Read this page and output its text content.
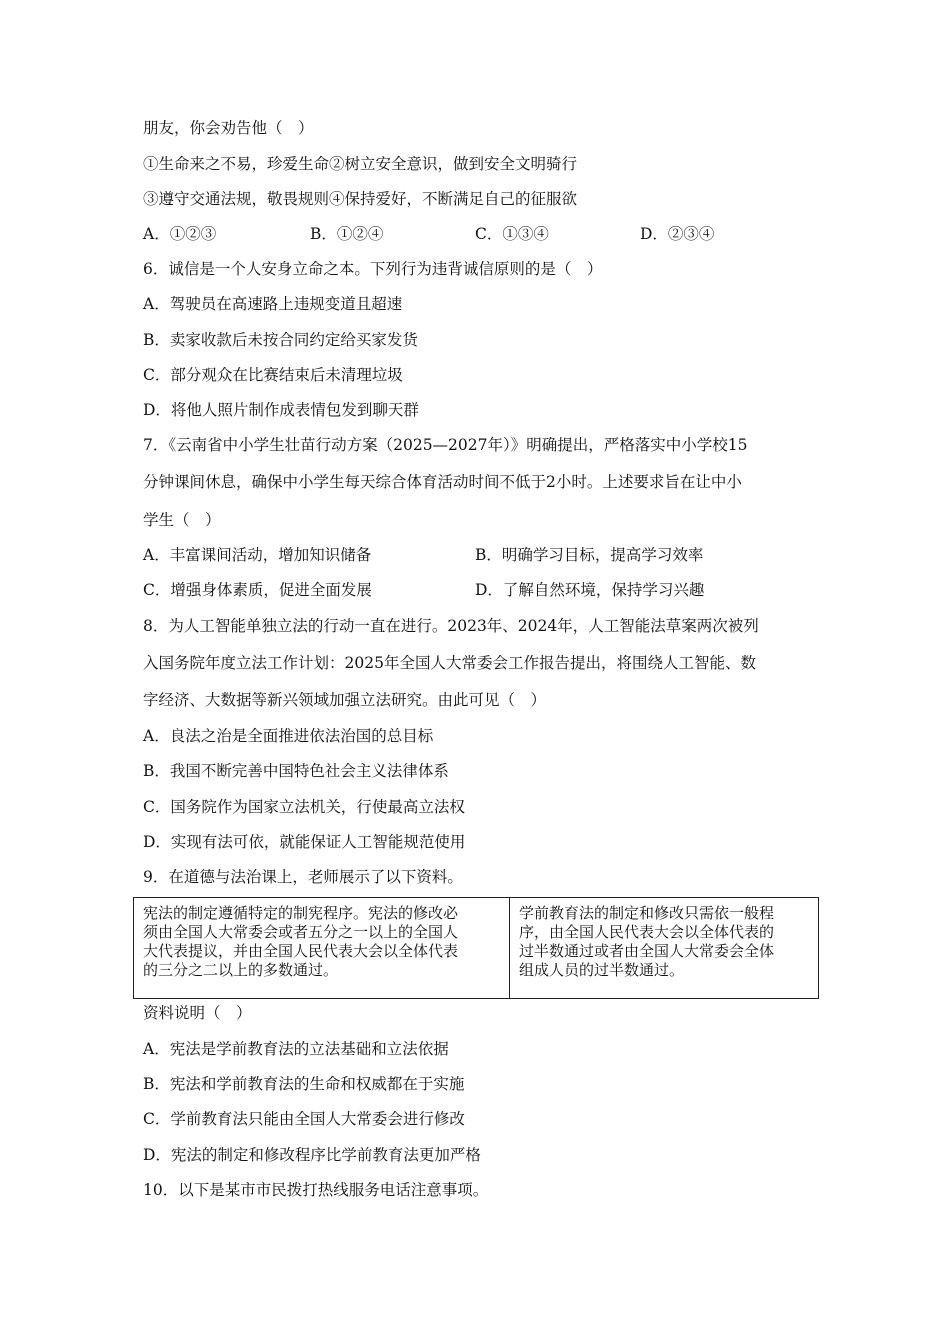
朋友，你会劝告他（　）
①生命来之不易，珍爱生命②树立安全意识，做到安全文明骑行
③遵守交通法规，敬畏规则④保持爱好，不断满足自己的征服欲
A．①②③	B．①②④	C．①③④	D．②③④
6．诚信是一个人安身立命之本。下列行为违背诚信原则的是（　）
A．驾驶员在高速路上违规变道且超速
B．卖家收款后未按合同约定给买家发货
C．部分观众在比赛结束后未清理垃圾
D．将他人照片制作成表情包发到聊天群
7．《云南省中小学生壮苗行动方案（2025—2027年）》明确提出，严格落实中小学校15
分钟课间休息，确保中小学生每天综合体育活动时间不低于2小时。上述要求旨在让中小
学生（　）
A．丰富课间活动，增加知识储备	B．明确学习目标，提高学习效率
C．增强身体素质，促进全面发展	D．了解自然环境，保持学习兴趣
8．为人工智能单独立法的行动一直在进行。2023年、2024年，人工智能法草案两次被列
入国务院年度立法工作计划：2025年全国人大常委会工作报告提出，将围绕人工智能、数
字经济、大数据等新兴领域加强立法研究。由此可见（　）
A．良法之治是全面推进依法治国的总目标
B．我国不断完善中国特色社会主义法律体系
C．国务院作为国家立法机关，行使最高立法权
D．实现有法可依，就能保证人工智能规范使用
9．在道德与法治课上，老师展示了以下资料。
宪法的制定遵循特定的制宪程序。宪法的修改必
须由全国人大常委会或者五分之一以上的全国人
大代表提议，并由全国人民代表大会以全体代表
的三分之二以上的多数通过。

学前教育法的制定和修改只需依一般程
序，由全国人民代表大会以全体代表的
过半数通过或者由全国人大常委会全体
组成人员的过半数通过。
资料说明（　）
A．宪法是学前教育法的立法基础和立法依据
B．宪法和学前教育法的生命和权威都在于实施
C．学前教育法只能由全国人大常委会进行修改
D．宪法的制定和修改程序比学前教育法更加严格
10．以下是某市市民拨打热线服务电话注意事项。
